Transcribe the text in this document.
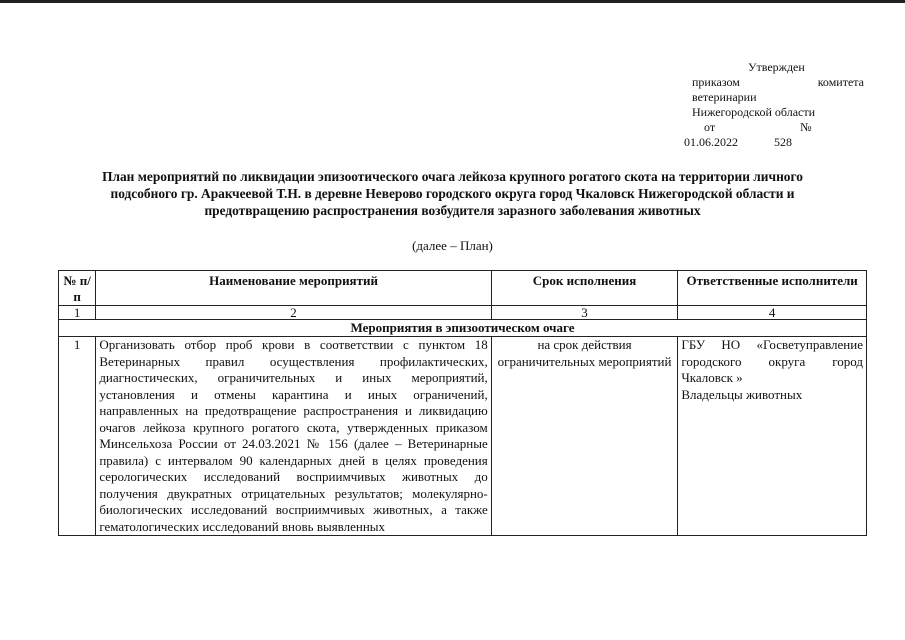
Утвержден
приказом	комитета
ветеринарии
Нижегородской области
от	№
01.06.2022	528
План мероприятий по ликвидации эпизоотического очага лейкоза крупного рогатого скота на территории личного подсобного гр. Аракчеевой Т.Н. в деревне Неверово городского округа город Чкаловск Нижегородской области и предотвращению распространения возбудителя заразного заболевания животных
(далее – План)
№ п/п	Наименование мероприятий	Срок исполнения	Ответственные исполнители
1	2	3	4
Мероприятия в эпизоотическом очаге			
1	Организовать отбор проб крови в соответствии с пунктом 18 Ветеринарных правил осуществления профилактических, диагностических, ограничительных и иных мероприятий, установления и отмены карантина и иных ограничений, направленных на предотвращение распространения и ликвидацию очагов лейкоза крупного рогатого скота, утвержденных приказом Минсельхоза России от 24.03.2021 № 156 (далее – Ветеринарные правила) с интервалом 90 календарных дней в целях проведения серологических исследований восприимчивых животных до получения двукратных отрицательных результатов; молекулярно-биологических исследований восприимчивых животных, а также гематологических исследований вновь выявленных	на срок действия ограничительных мероприятий	ГБУ НО «Госветуправление городского округа город Чкаловск »
Владельцы животных
